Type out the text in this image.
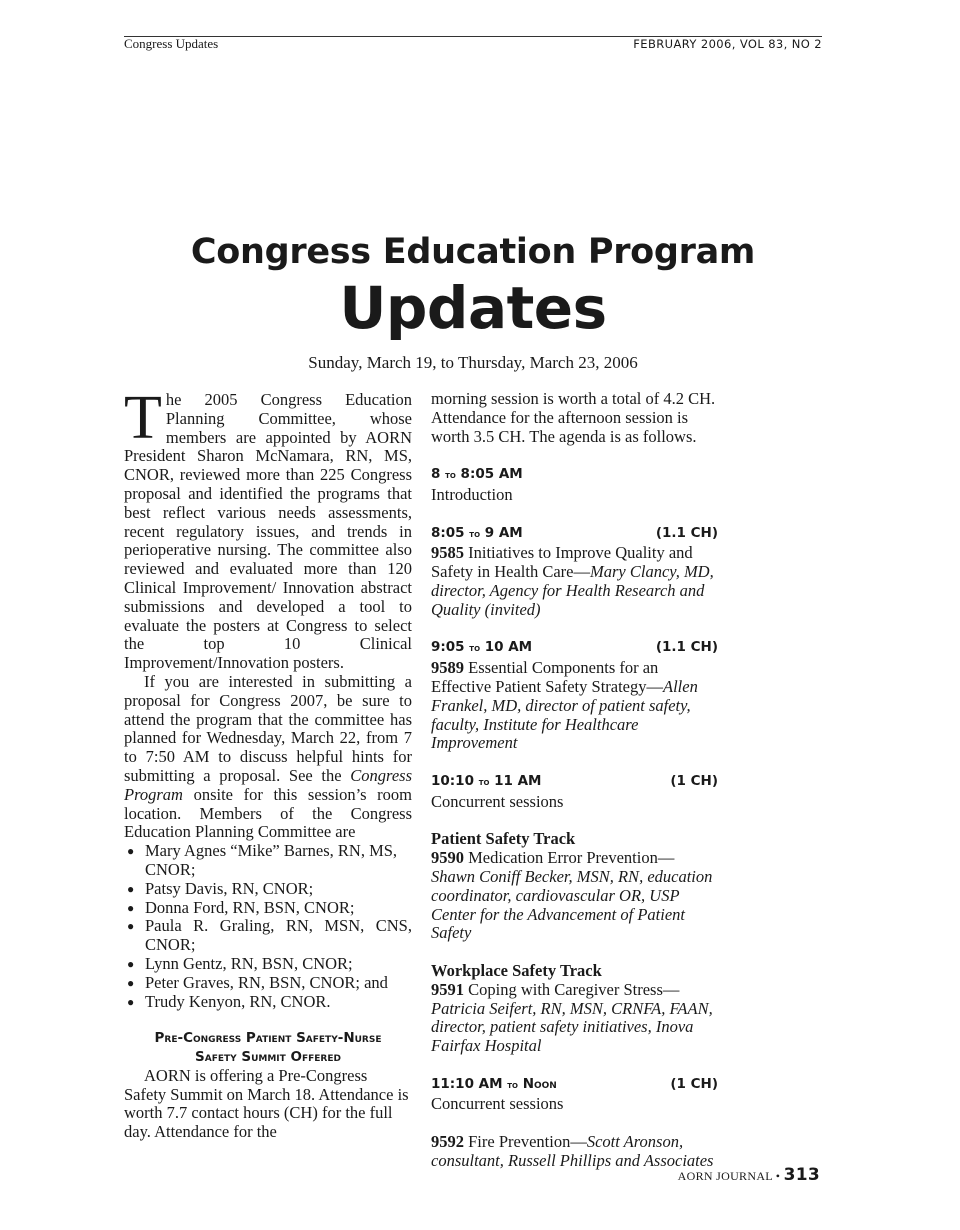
Congress Updates	FEBRUARY 2006, VOL 83, NO 2
Congress Education Program
Updates
Sunday, March 19, to Thursday, March 23, 2006

The 2005 Congress Education Planning Committee, whose members are appointed by AORN President Sharon McNamara, RN, MS, CNOR, reviewed more than 225 Congress proposal and identified the programs that best reflect various needs assessments, recent regulatory issues, and trends in perioperative nursing. The committee also reviewed and evaluated more than 120 Clinical Improvement/ Innovation abstract submissions and developed a tool to evaluate the posters at Congress to select the top 10 Clinical Improvement/Innovation posters.

If you are interested in submitting a proposal for Congress 2007, be sure to attend the program that the committee has planned for Wednesday, March 22, from 7 to 7:50 AM to discuss helpful hints for submitting a proposal. See the Congress Program onsite for this session’s room location. Members of the Congress Education Planning Committee are

● Mary Agnes “Mike” Barnes, RN, MS, CNOR;
● Patsy Davis, RN, CNOR;
● Donna Ford, RN, BSN, CNOR;
● Paula R. Graling, RN, MSN, CNS, CNOR;
● Lynn Gentz, RN, BSN, CNOR;
● Peter Graves, RN, BSN, CNOR; and
● Trudy Kenyon, RN, CNOR.
Pre-Congress Patient Safety-Nurse
Safety Summit Offered

AORN is offering a Pre-Congress Safety Summit on March 18. Attendance is worth 7.7 contact hours (CH) for the full day. Attendance for the

morning session is worth a total of 4.2 CH. Attendance for the afternoon session is worth 3.5 CH. The agenda is as follows.

8 to 8:05 AM

Introduction

8:05 to 9 AM	(1.1 CH)

9585 Initiatives to Improve Quality and Safety in Health Care—Mary Clancy, MD, director, Agency for Health Research and Quality (invited)

9:05 to 10 AM	(1.1 CH)

9589 Essential Components for an Effective Patient Safety Strategy—Allen Frankel, MD, director of patient safety, faculty, Institute for Healthcare Improvement

10:10 to 11 AM	(1 CH)

Concurrent sessions

Patient Safety Track

9590 Medication Error Prevention—Shawn Coniff Becker, MSN, RN, education coordinator, cardiovascular OR, USP Center for the Advancement of Patient Safety

Workplace Safety Track

9591 Coping with Caregiver Stress—Patricia Seifert, RN, MSN, CRNFA, FAAN, director, patient safety initiatives, Inova Fairfax Hospital

11:10 AM to Noon	(1 CH)

Concurrent sessions

9592 Fire Prevention—Scott Aronson, consultant, Russell Phillips and Associates

AORN JOURNAL • 313
